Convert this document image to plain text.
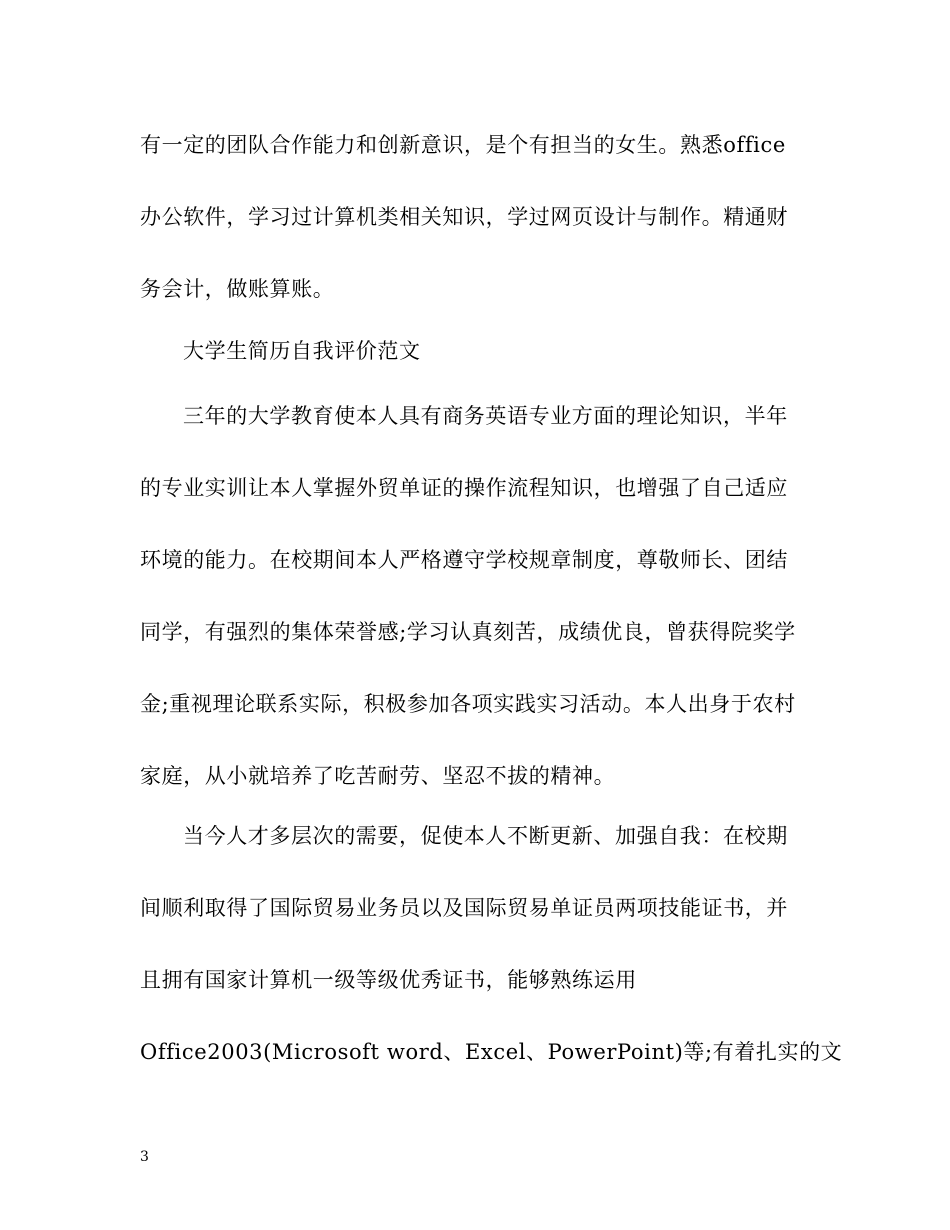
有一定的团队合作能力和创新意识，是个有担当的女生。熟悉office
办公软件，学习过计算机类相关知识，学过网页设计与制作。精通财
务会计，做账算账。
大学生简历自我评价范文
三年的大学教育使本人具有商务英语专业方面的理论知识，半年
的专业实训让本人掌握外贸单证的操作流程知识，也增强了自己适应
环境的能力。在校期间本人严格遵守学校规章制度，尊敬师长、团结
同学，有强烈的集体荣誉感;学习认真刻苦，成绩优良，曾获得院奖学
金;重视理论联系实际，积极参加各项实践实习活动。本人出身于农村
家庭，从小就培养了吃苦耐劳、坚忍不拔的精神。
当今人才多层次的需要，促使本人不断更新、加强自我：在校期
间顺利取得了国际贸易业务员以及国际贸易单证员两项技能证书，并
且拥有国家计算机一级等级优秀证书，能够熟练运用
Office2003(Microsoft word、Excel、PowerPoint)等;有着扎实的文
3
